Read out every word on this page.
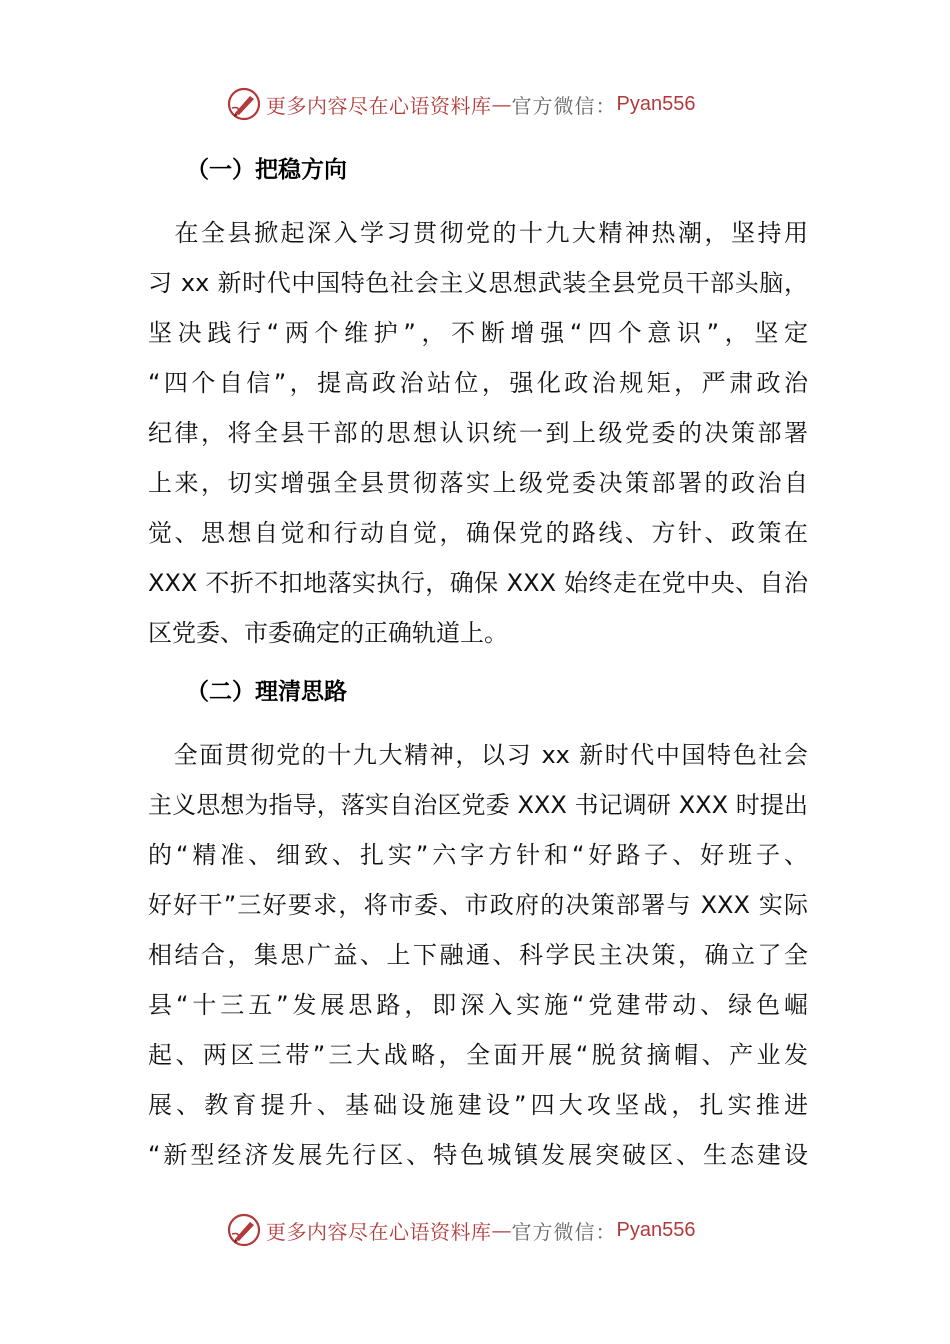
更多内容尽在心语资料库 — 官方微信： Pyan556
（一）把稳方向
　在全县掀起深入学习贯彻党的十九大精神热潮，坚持用
习 xx 新时代中国特色社会主义思想武装全县党员干部头脑，
坚决践行“两个维护”，不断增强“四个意识”，坚定
“四个自信”，提高政治站位，强化政治规矩，严肃政治
纪律，将全县干部的思想认识统一到上级党委的决策部署
上来，切实增强全县贯彻落实上级党委决策部署的政治自
觉、思想自觉和行动自觉，确保党的路线、方针、政策在
XXX 不折不扣地落实执行，确保 XXX 始终走在党中央、自治
区党委、市委确定的正确轨道上。
（二）理清思路
　全面贯彻党的十九大精神，以习 xx 新时代中国特色社会
主义思想为指导，落实自治区党委 XXX 书记调研 XXX 时提出
的“精准、细致、扎实”六字方针和“好路子、好班子、
好好干”三好要求，将市委、市政府的决策部署与 XXX 实际
相结合，集思广益、上下融通、科学民主决策，确立了全
县“十三五”发展思路，即深入实施“党建带动、绿色崛
起、两区三带”三大战略，全面开展“脱贫摘帽、产业发
展、教育提升、基础设施建设”四大攻坚战，扎实推进
“新型经济发展先行区、特色城镇发展突破区、生态建设
更多内容尽在心语资料库 — 官方微信： Pyan556
